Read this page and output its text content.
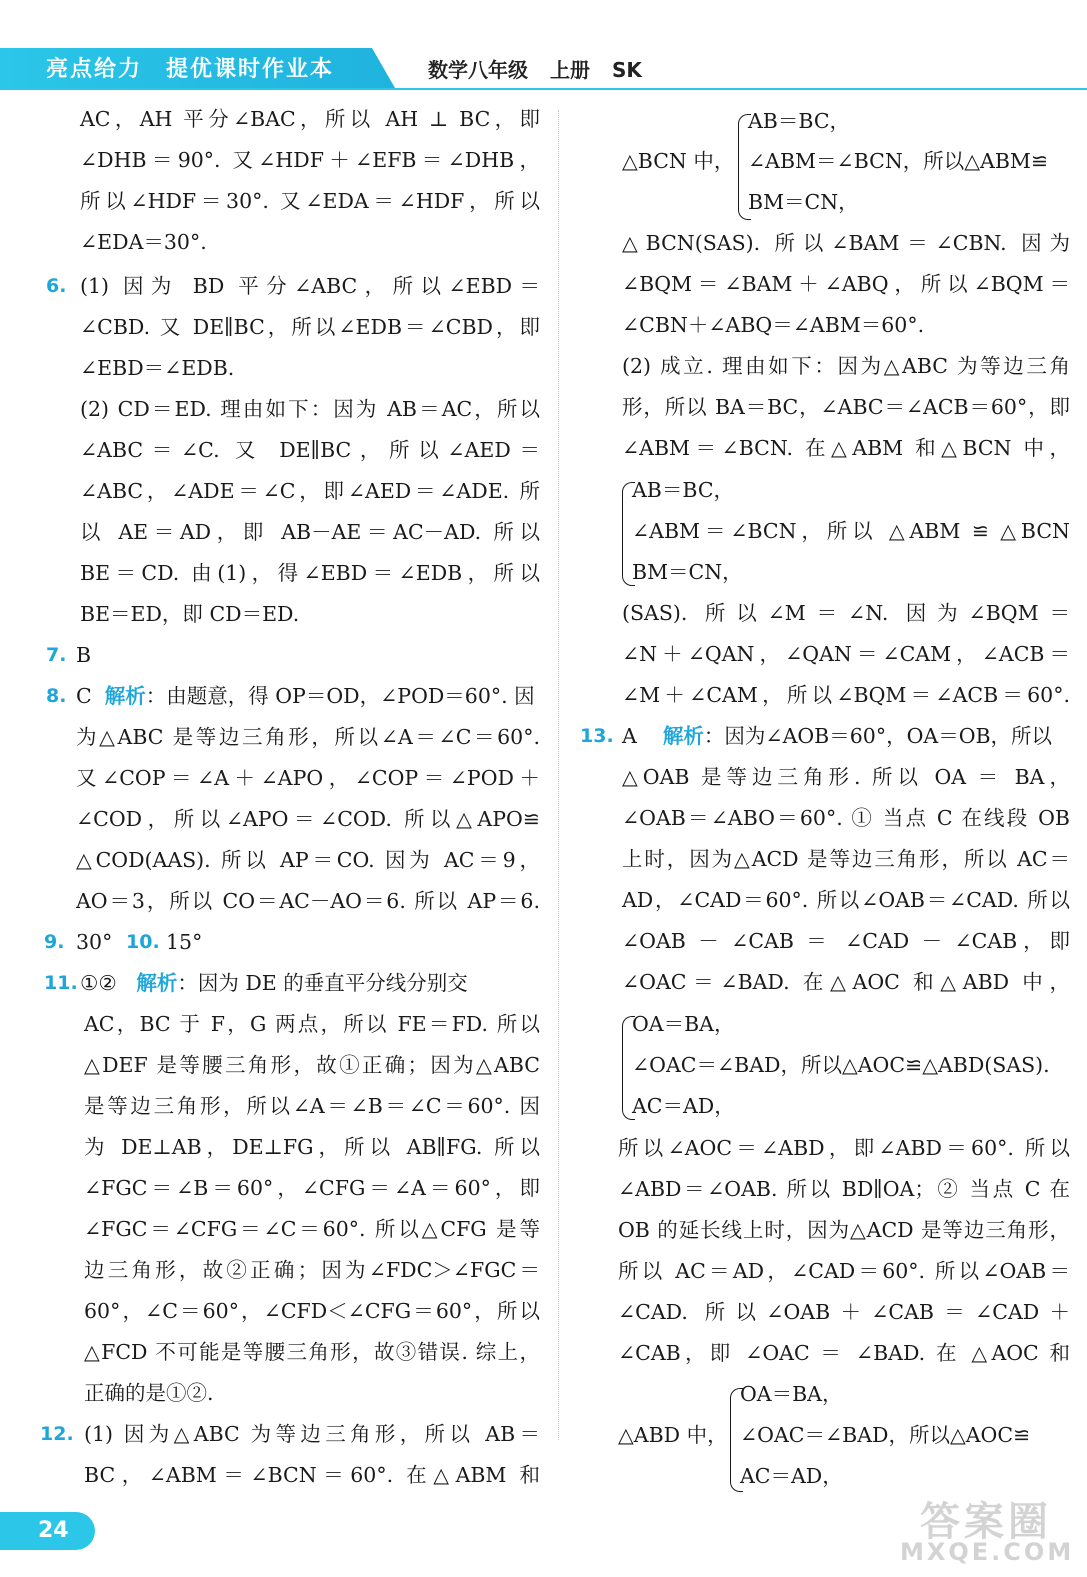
亮点给力 提优课时作业本	数学八年级 上册 SK
AC，AH 平分∠BAC，所以 AH ⊥ BC，即
∠DHB＝90°. 又∠HDF＋∠EFB＝∠DHB，
所以∠HDF＝30°. 又∠EDA＝∠HDF，所以
∠EDA＝30°.
6. (1) 因为 BD 平分∠ABC，所以∠EBD＝
∠CBD. 又 DE∥BC，所以∠EDB＝∠CBD，即
∠EBD＝∠EDB.
(2) CD＝ED. 理由如下：因为 AB＝AC，所以
∠ABC＝∠C. 又 DE∥BC，所以∠AED＝
∠ABC，∠ADE＝∠C，即∠AED＝∠ADE. 所
以 AE＝AD，即 AB－AE＝AC－AD. 所以
BE＝CD. 由(1)，得∠EBD＝∠EDB，所以
BE＝ED，即 CD＝ED.
7. B
8. C 解析：由题意，得 OP＝OD，∠POD＝60°. 因
为△ABC 是等边三角形，所以∠A＝∠C＝60°.
又∠COP＝∠A＋∠APO，∠COP＝∠POD＋
∠COD，所以∠APO＝∠COD. 所以△APO≌
△COD(AAS). 所以 AP＝CO. 因为 AC＝9，
AO＝3，所以 CO＝AC－AO＝6. 所以 AP＝6.
9. 30° 10. 15°
11. ①② 解析：因为 DE 的垂直平分线分别交
AC，BC 于 F，G 两点，所以 FE＝FD. 所以
△DEF 是等腰三角形，故①正确；因为△ABC
是等边三角形，所以∠A＝∠B＝∠C＝60°. 因
为 DE⊥AB，DE⊥FG，所以 AB∥FG. 所以
∠FGC＝∠B＝60°，∠CFG＝∠A＝60°，即
∠FGC＝∠CFG＝∠C＝60°. 所以△CFG 是等
边三角形，故②正确；因为∠FDC＞∠FGC＝
60°，∠C＝60°，∠CFD＜∠CFG＝60°，所以
△FCD 不可能是等腰三角形，故③错误. 综上，
正确的是①②.
12. (1) 因为△ABC 为等边三角形，所以 AB＝
BC，∠ABM＝∠BCN＝60°. 在△ABM 和
△BCN 中，
AB＝BC，
∠ABM＝∠BCN，所以△ABM≌
BM＝CN，
△BCN(SAS). 所以∠BAM＝∠CBN. 因为
∠BQM＝∠BAM＋∠ABQ，所以∠BQM＝
∠CBN＋∠ABQ＝∠ABM＝60°.
(2) 成立. 理由如下：因为△ABC 为等边三角
形，所以 BA＝BC，∠ABC＝∠ACB＝60°，即
∠ABM＝∠BCN. 在△ABM 和△BCN 中，
AB＝BC，
∠ABM＝∠BCN，所以 △ABM ≌ △BCN
BM＝CN，
(SAS). 所以∠M＝∠N. 因为∠BQM＝
∠N＋∠QAN，∠QAN＝∠CAM，∠ACB＝
∠M＋∠CAM，所以∠BQM＝∠ACB＝60°.
13. A 解析：因为∠AOB＝60°，OA＝OB，所以
△OAB 是等边三角形. 所以 OA ＝ BA，
∠OAB＝∠ABO＝60°. ① 当点 C 在线段 OB
上时，因为△ACD 是等边三角形，所以 AC＝
AD，∠CAD＝60°. 所以∠OAB＝∠CAD. 所以
∠OAB － ∠CAB ＝ ∠CAD － ∠CAB，即
∠OAC＝∠BAD. 在△AOC 和△ABD 中，
OA＝BA，
∠OAC＝∠BAD，所以△AOC≌△ABD(SAS).
AC＝AD，
所以∠AOC＝∠ABD，即∠ABD＝60°. 所以
∠ABD＝∠OAB. 所以 BD∥OA；② 当点 C 在
OB 的延长线上时，因为△ACD 是等边三角形，
所以 AC＝AD，∠CAD＝60°. 所以∠OAB＝
∠CAD. 所以∠OAB＋∠CAB＝∠CAD＋
∠CAB，即 ∠OAC ＝ ∠BAD. 在 △AOC 和
△ABD 中，
OA＝BA，
∠OAC＝∠BAD，所以△AOC≌
AC＝AD，
24	答案圈
MXQE.COM
